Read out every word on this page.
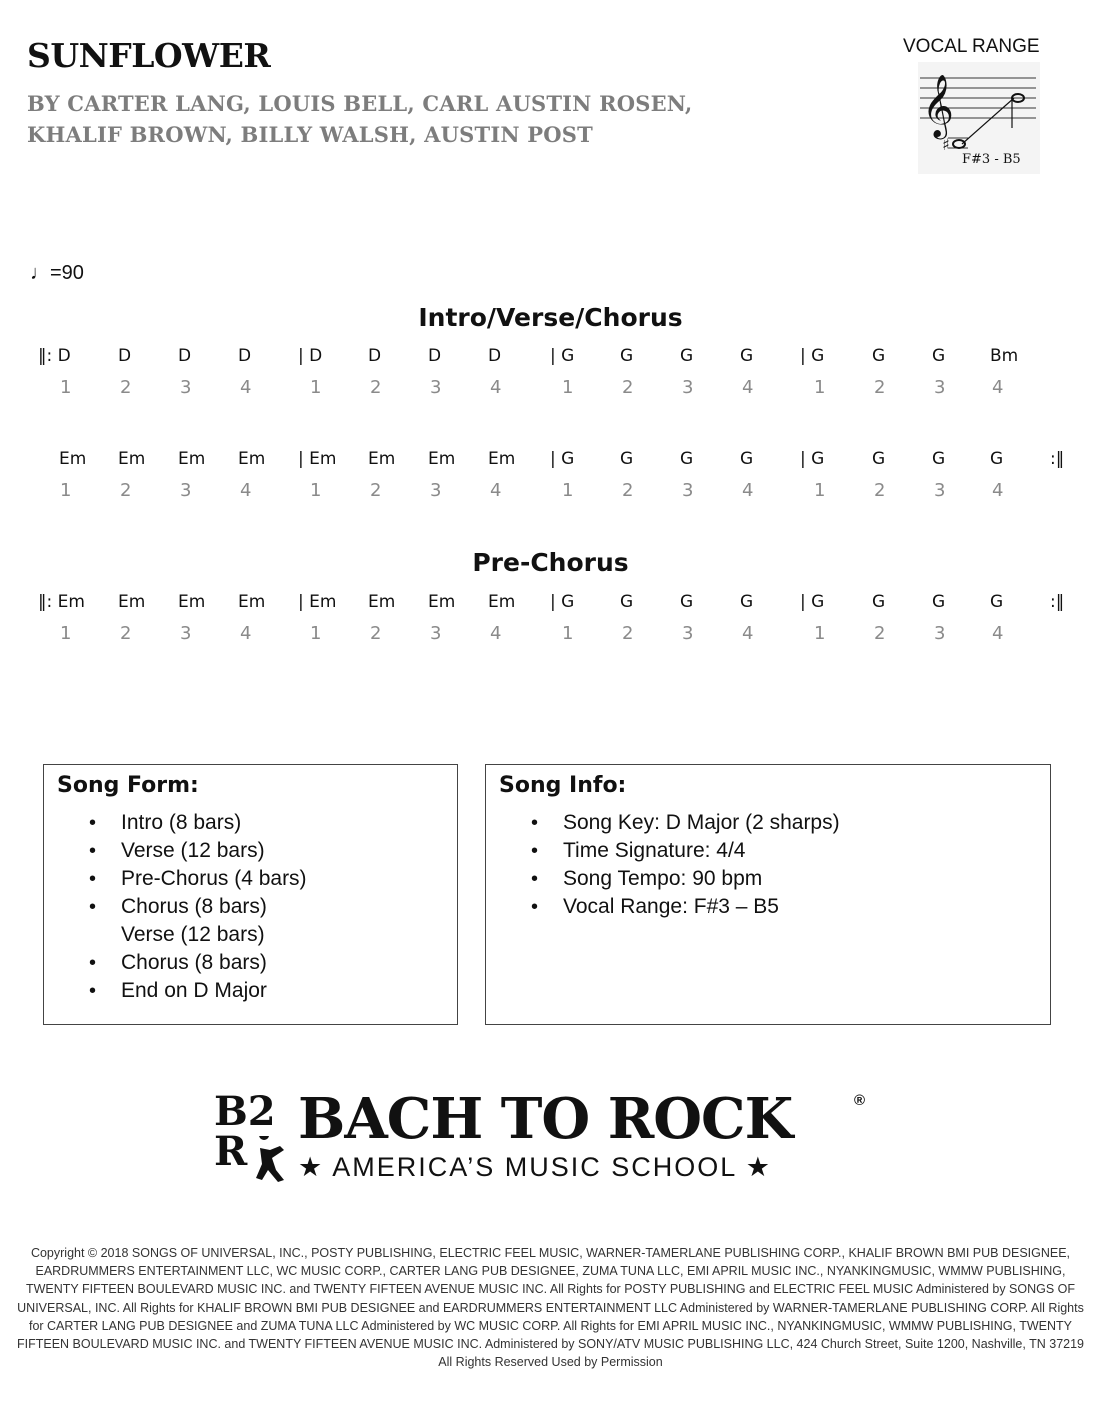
SUNFLOWER
BY CARTER LANG, LOUIS BELL, CARL AUSTIN ROSEN,
KHALIF BROWN, BILLY WALSH, AUSTIN POST
VOCAL RANGE
𝄞
♯
F#3 - B5
♩=90
Intro/Verse/Chorus
‖: D	D	D	D	| D	D	D	D	| G	G	G	G	| G	G	G	Bm
1	2	3	4	1	2	3	4	1	2	3	4	1	2	3	4
Em Em Em Em | Em Em Em Em | G	G	G	G	| G	G	G	G
1	2	3	4	1	2	3	4	1	2	3	4	1	2	3	4
:‖
Pre-Chorus
‖: Em Em Em Em | Em Em Em Em | G	G	G	G	| G	G	G	G
1	2	3	4	1	2	3	4	1	2	3	4	1	2	3	4
:‖
Song Form:
• Intro (8 bars)
• Verse (12 bars)
• Pre-Chorus (4 bars)
• Chorus (8 bars)
Verse (12 bars)
• Chorus (8 bars)
• End on D Major
Song Info:
• Song Key: D Major (2 sharps)
• Time Signature: 4/4
• Song Tempo: 90 bpm
• Vocal Range: F#3 – B5
B2
R BACH TO ROCK	®
★ AMERICA’S MUSIC SCHOOL ★
Copyright © 2018 SONGS OF UNIVERSAL, INC., POSTY PUBLISHING, ELECTRIC FEEL MUSIC, WARNER-TAMERLANE PUBLISHING CORP., KHALIF BROWN BMI PUB DESIGNEE, EARDRUMMERS ENTERTAINMENT LLC, WC MUSIC CORP., CARTER LANG PUB DESIGNEE, ZUMA TUNA LLC, EMI APRIL MUSIC INC., NYANKINGMUSIC, WMMW PUBLISHING, TWENTY FIFTEEN BOULEVARD MUSIC INC. and TWENTY FIFTEEN AVENUE MUSIC INC. All Rights for POSTY PUBLISHING and ELECTRIC FEEL MUSIC Administered by SONGS OF UNIVERSAL, INC. All Rights for KHALIF BROWN BMI PUB DESIGNEE and EARDRUMMERS ENTERTAINMENT LLC Administered by WARNER-TAMERLANE PUBLISHING CORP. All Rights for CARTER LANG PUB DESIGNEE and ZUMA TUNA LLC Administered by WC MUSIC CORP. All Rights for EMI APRIL MUSIC INC., NYANKINGMUSIC, WMMW PUBLISHING, TWENTY FIFTEEN BOULEVARD MUSIC INC. and TWENTY FIFTEEN AVENUE MUSIC INC. Administered by SONY/ATV MUSIC PUBLISHING LLC, 424 Church Street, Suite 1200, Nashville, TN 37219 All Rights Reserved Used by Permission
